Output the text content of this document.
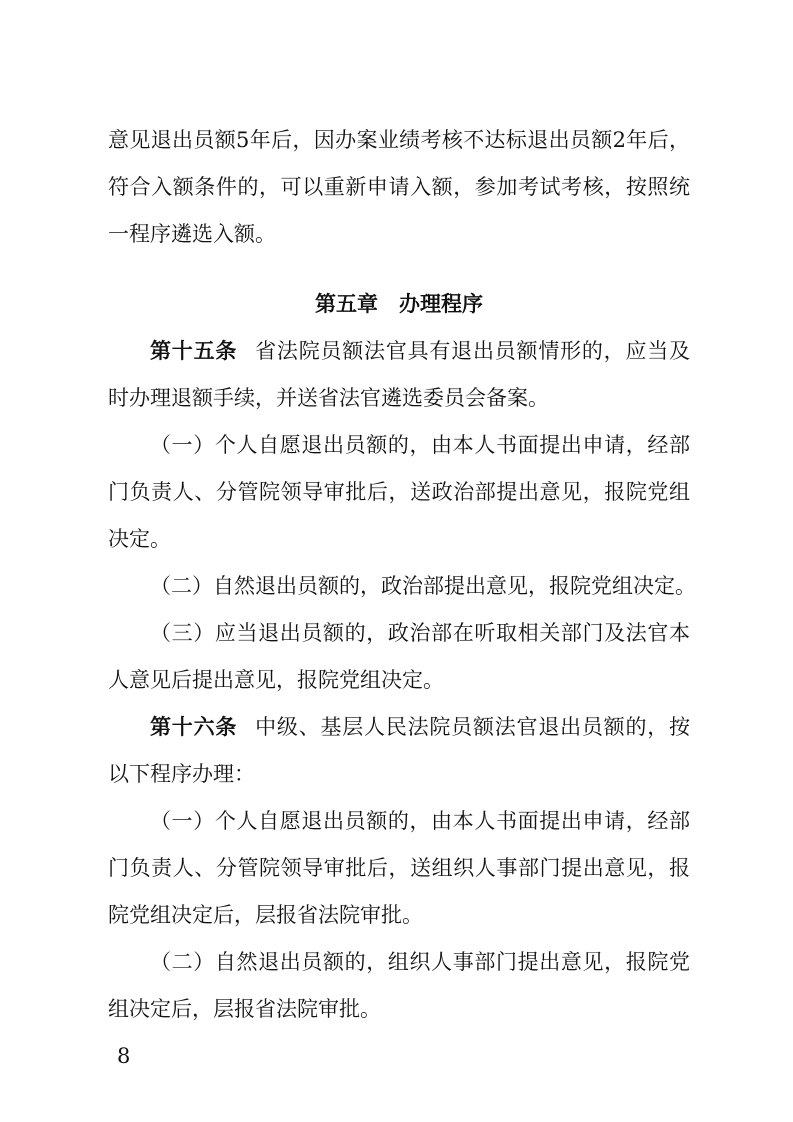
意见退出员额5年后，因办案业绩考核不达标退出员额2年后，
符合入额条件的，可以重新申请入额，参加考试考核，按照统
一程序遴选入额。
第五章　办理程序
第十五条 省法院员额法官具有退出员额情形的，应当及
时办理退额手续，并送省法官遴选委员会备案。
（一）个人自愿退出员额的，由本人书面提出申请，经部
门负责人、分管院领导审批后，送政治部提出意见，报院党组
决定。
（二）自然退出员额的，政治部提出意见，报院党组决定。
（三）应当退出员额的，政治部在听取相关部门及法官本
人意见后提出意见，报院党组决定。
第十六条 中级、基层人民法院员额法官退出员额的，按
以下程序办理：
（一）个人自愿退出员额的，由本人书面提出申请，经部
门负责人、分管院领导审批后，送组织人事部门提出意见，报
院党组决定后，层报省法院审批。
（二）自然退出员额的，组织人事部门提出意见，报院党
组决定后，层报省法院审批。
8
